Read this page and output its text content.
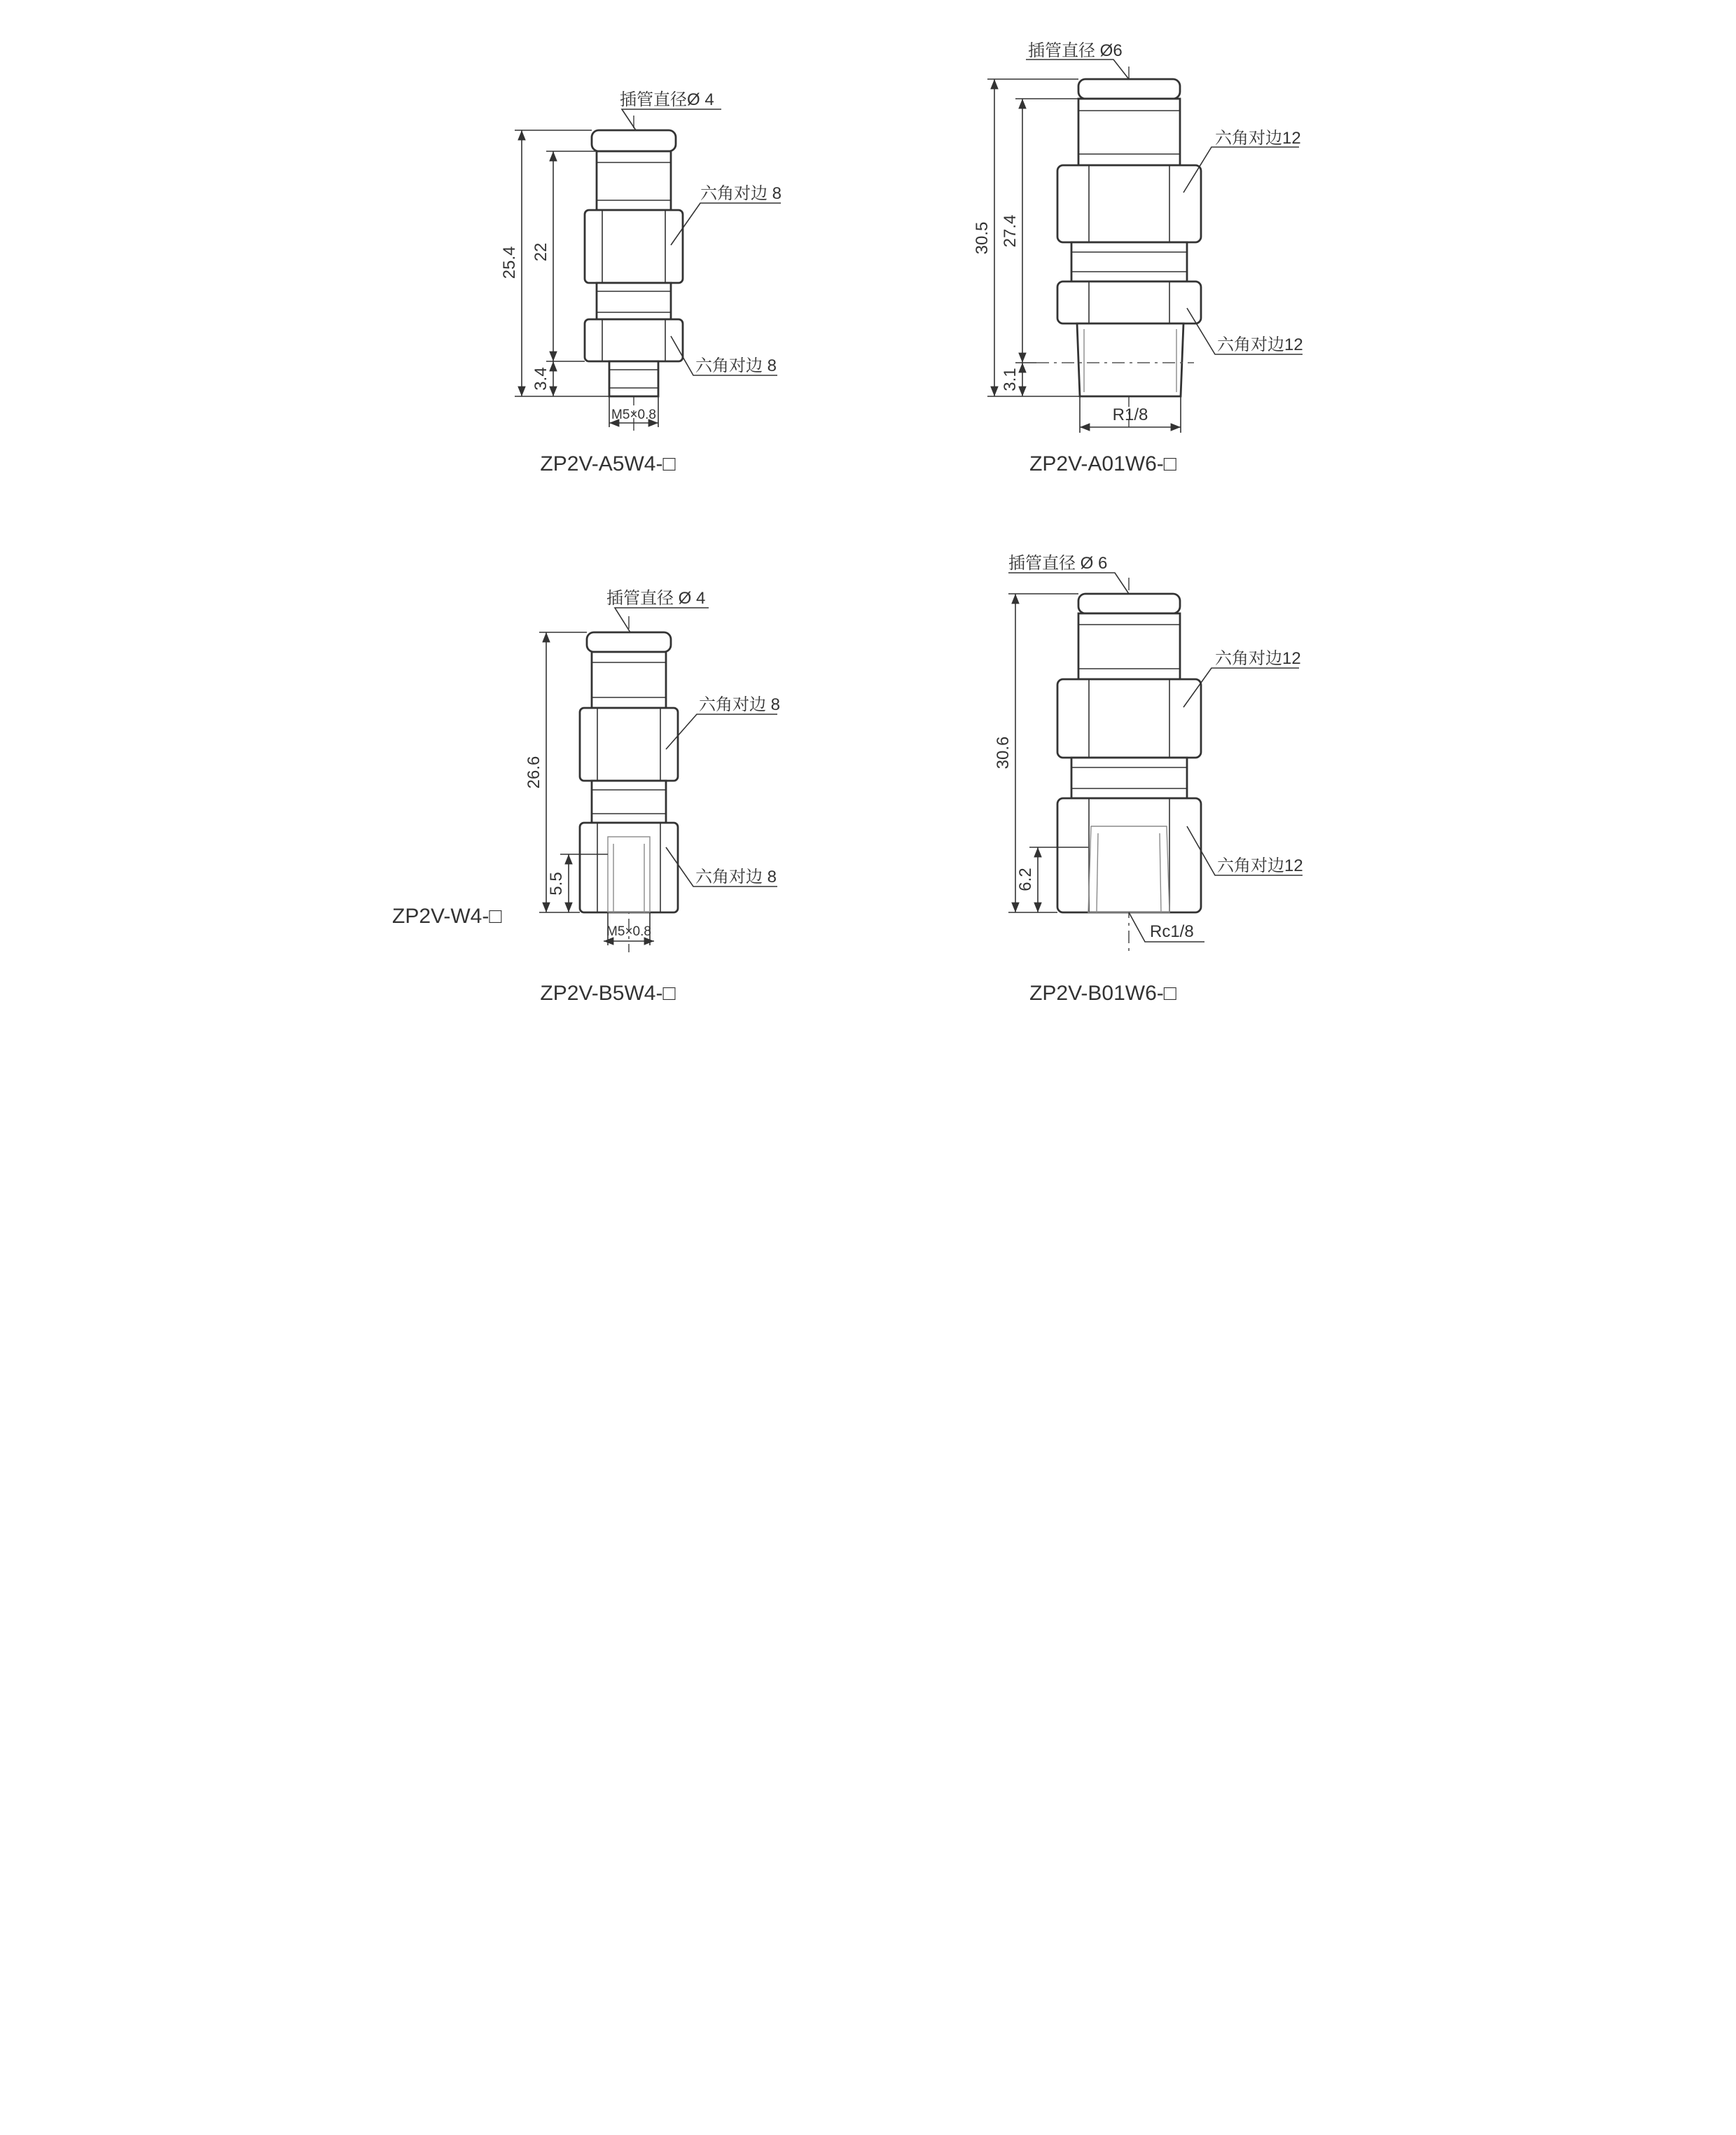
25.4 22
3.4
M5×0.8
插管直径Ø 4
六角对边 8
六角对边 8
ZP2V-A5W4-□
30.5 27.4
3.1
R1/8
插管直径 Ø6
六角对边12
六角对边12
ZP2V-A01W6-□
26.6
5.5
M5×0.8
插管直径 Ø 4
六角对边 8
六角对边 8
ZP2V-W4-□
ZP2V-B5W4-□
30.6
6.2
插管直径 Ø 6
六角对边12
六角对边12
Rc1/8
ZP2V-B01W6-□
